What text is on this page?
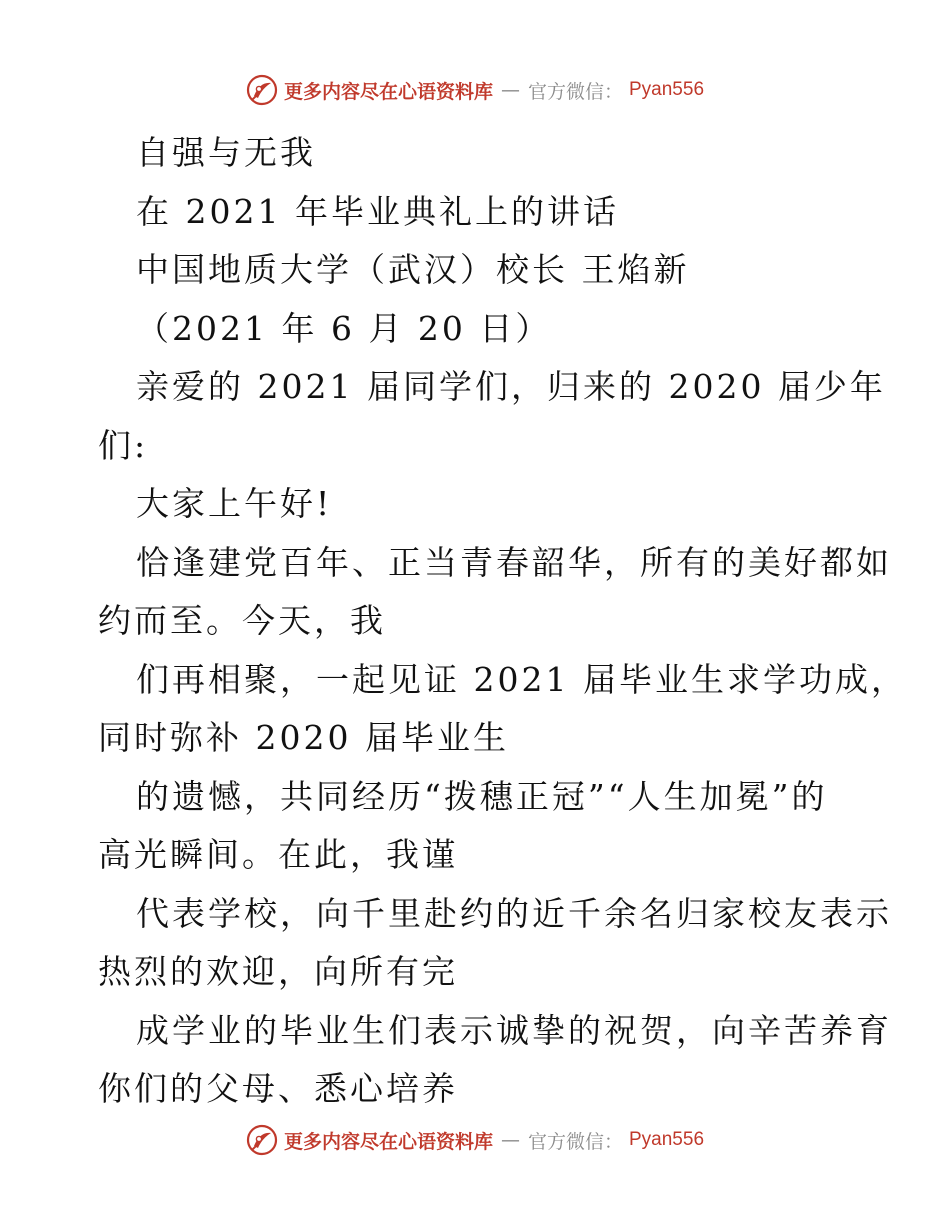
更多内容尽在心语资料库 — 官方微信： Pyan556
自强与无我
在 2021 年毕业典礼上的讲话
中国地质大学（武汉）校长 王焰新
（2021 年 6 月 20 日）
亲爱的 2021 届同学们，归来的 2020 届少年
们:
大家上午好!
恰逢建党百年、正当青春韶华，所有的美好都如
约而至。今天，我
们再相聚，一起见证 2021 届毕业生求学功成，
同时弥补 2020 届毕业生
的遗憾，共同经历“拨穗正冠”“人生加冕”的
高光瞬间。在此，我谨
代表学校，向千里赴约的近千余名归家校友表示
热烈的欢迎，向所有完
成学业的毕业生们表示诚挚的祝贺，向辛苦养育
你们的父母、悉心培养
更多内容尽在心语资料库 — 官方微信： Pyan556
